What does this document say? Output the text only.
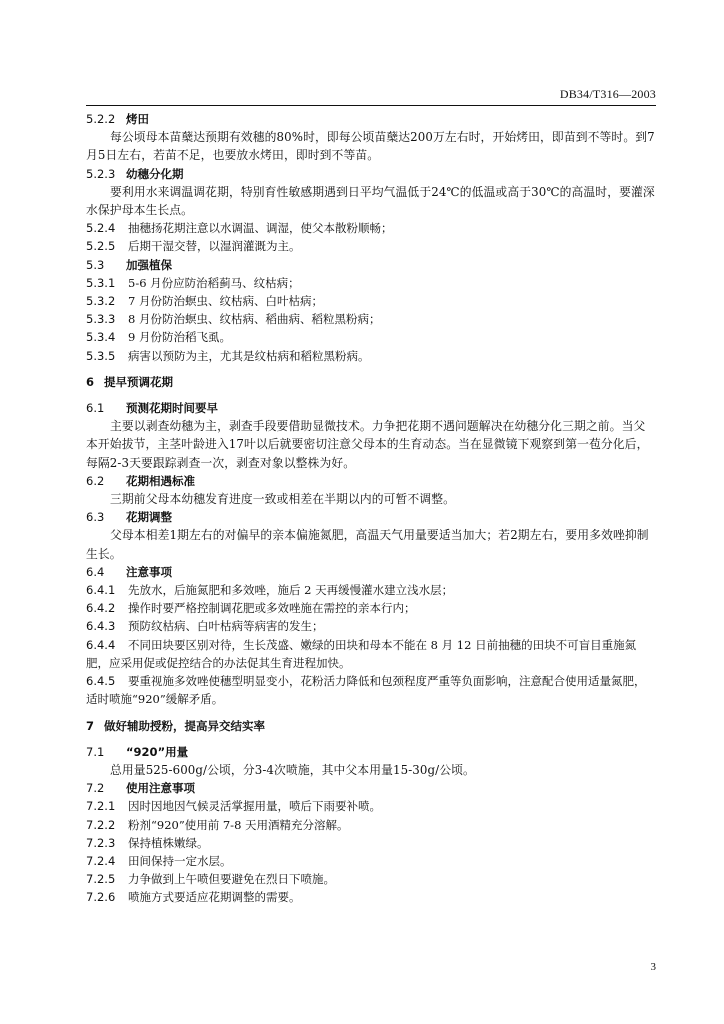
DB34/T316—2003
5.2.2 烤田
每公顷母本苗蘖达预期有效穗的80%时，即每公顷苗蘖达200万左右时，开始烤田，即苗到不等时。到7月5日左右，若苗不足，也要放水烤田，即时到不等苗。
5.2.3 幼穗分化期
要利用水来调温调花期，特别育性敏感期遇到日平均气温低于24℃的低温或高于30℃的高温时，要灌深水保护母本生长点。
5.2.4 抽穗扬花期注意以水调温、调湿，使父本散粉顺畅；
5.2.5 后期干湿交替，以湿润灌溉为主。
5.3 加强植保
5.3.1 5-6 月份应防治稻蓟马、纹枯病；
5.3.2 7 月份防治螟虫、纹枯病、白叶枯病；
5.3.3 8 月份防治螟虫、纹枯病、稻曲病、稻粒黑粉病；
5.3.4 9 月份防治稻飞虱。
5.3.5 病害以预防为主，尤其是纹枯病和稻粒黑粉病。
6 提早预调花期
6.1 预测花期时间要早
主要以剥查幼穗为主，剥查手段要借助显微技术。力争把花期不遇问题解决在幼穗分化三期之前。当父本开始拔节，主茎叶龄进入17叶以后就要密切注意父母本的生育动态。当在显微镜下观察到第一苞分化后，每隔2-3天要跟踪剥查一次，剥查对象以整株为好。
6.2 花期相遇标准
三期前父母本幼穗发育进度一致或相差在半期以内的可暂不调整。
6.3 花期调整
父母本相差1期左右的对偏早的亲本偏施氮肥，高温天气用量要适当加大；若2期左右，要用多效唑抑制生长。
6.4 注意事项
6.4.1 先放水，后施氮肥和多效唑，施后 2 天再缓慢灌水建立浅水层；
6.4.2 操作时要严格控制调花肥或多效唑施在需控的亲本行内；
6.4.3 预防纹枯病、白叶枯病等病害的发生；
6.4.4 不同田块要区别对待，生长茂盛、嫩绿的田块和母本不能在 8 月 12 日前抽穗的田块不可盲目重施氮肥，应采用促或促控结合的办法促其生育进程加快。
6.4.5 要重视施多效唑使穗型明显变小，花粉活力降低和包颈程度严重等负面影响，注意配合使用适量氮肥，适时喷施“920”缓解矛盾。
7 做好辅助授粉，提高异交结实率
7.1 “920”用量
总用量525-600g/公顷，分3-4次喷施，其中父本用量15-30g/公顷。
7.2 使用注意事项
7.2.1 因时因地因气候灵活掌握用量，喷后下雨要补喷。
7.2.2 粉剂“920”使用前 7-8 天用酒精充分溶解。
7.2.3 保持植株嫩绿。
7.2.4 田间保持一定水层。
7.2.5 力争做到上午喷但要避免在烈日下喷施。
7.2.6 喷施方式要适应花期调整的需要。
3
